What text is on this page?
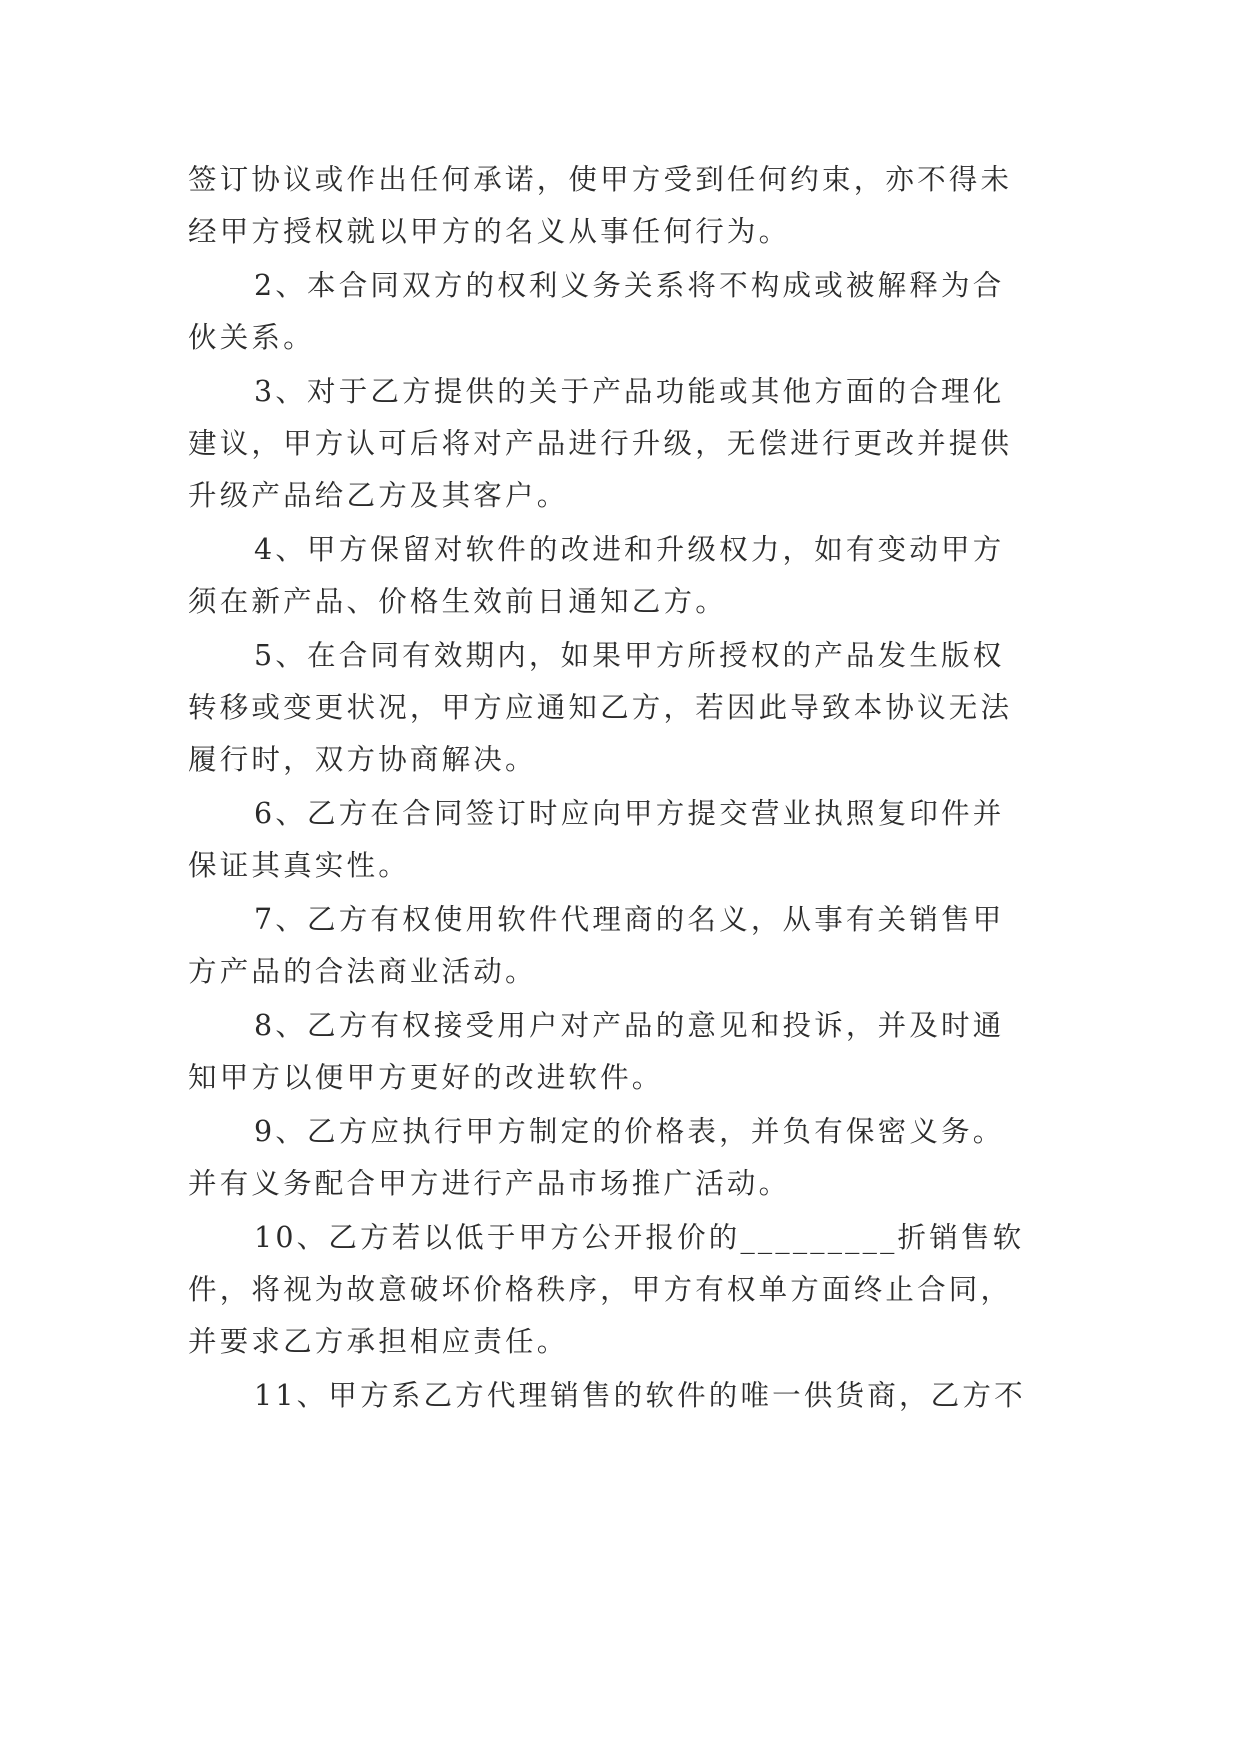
签订协议或作出任何承诺，使甲方受到任何约束，亦不得未
经甲方授权就以甲方的名义从事任何行为。
2、本合同双方的权利义务关系将不构成或被解释为合
伙关系。
3、对于乙方提供的关于产品功能或其他方面的合理化
建议，甲方认可后将对产品进行升级，无偿进行更改并提供
升级产品给乙方及其客户。
4、甲方保留对软件的改进和升级权力，如有变动甲方
须在新产品、价格生效前日通知乙方。
5、在合同有效期内，如果甲方所授权的产品发生版权
转移或变更状况，甲方应通知乙方，若因此导致本协议无法
履行时，双方协商解决。
6、乙方在合同签订时应向甲方提交营业执照复印件并
保证其真实性。
7、乙方有权使用软件代理商的名义，从事有关销售甲
方产品的合法商业活动。
8、乙方有权接受用户对产品的意见和投诉，并及时通
知甲方以便甲方更好的改进软件。
9、乙方应执行甲方制定的价格表，并负有保密义务。
并有义务配合甲方进行产品市场推广活动。
10、乙方若以低于甲方公开报价的_________折销售软
件，将视为故意破坏价格秩序，甲方有权单方面终止合同，
并要求乙方承担相应责任。
11、甲方系乙方代理销售的软件的唯一供货商，乙方不
